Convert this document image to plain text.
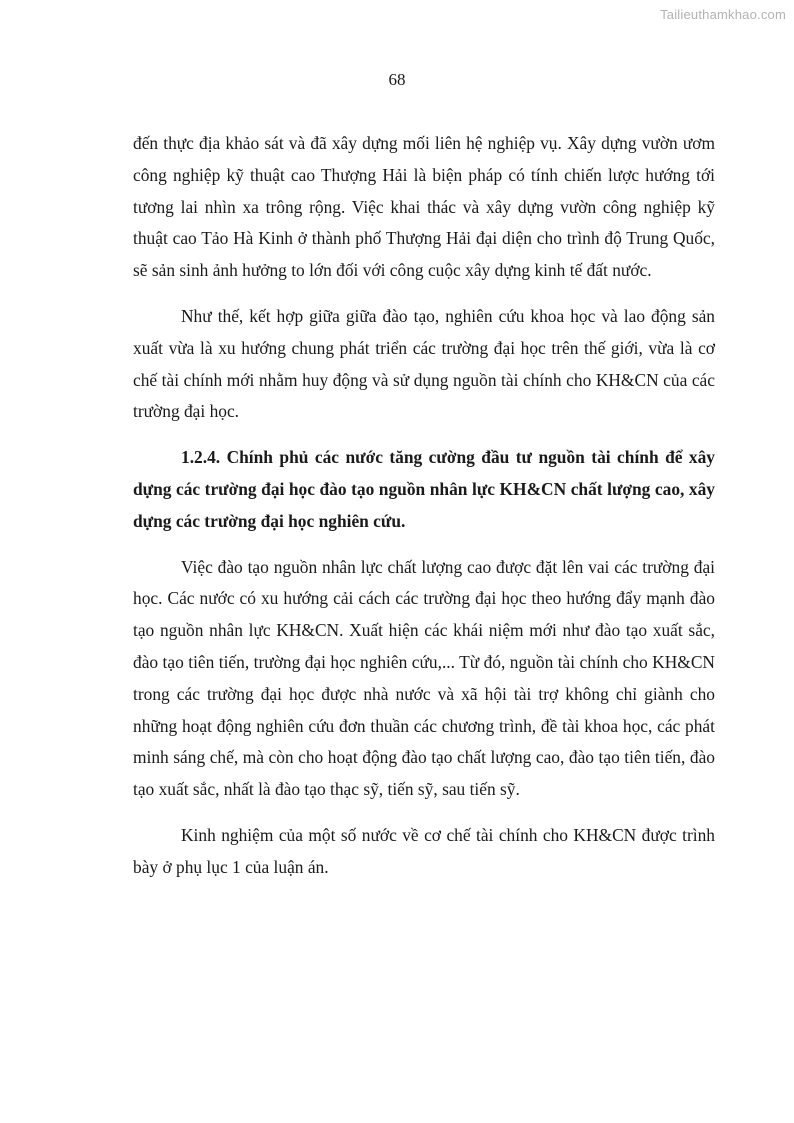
Tailieuthamkhao.com
68

đến thực địa khảo sát và đã xây dựng mối liên hệ nghiệp vụ. Xây dựng vườn ươm công nghiệp kỹ thuật cao Thượng Hải là biện pháp có tính chiến lược hướng tới tương lai nhìn xa trông rộng. Việc khai thác và xây dựng vườn công nghiệp kỹ thuật cao Tảo Hà Kinh ở thành phố Thượng Hải đại diện cho trình độ Trung Quốc, sẽ sản sinh ảnh hưởng to lớn đối với công cuộc xây dựng kinh tế đất nước.

Như thế, kết hợp giữa giữa đào tạo, nghiên cứu khoa học và lao động sản xuất vừa là xu hướng chung phát triển các trường đại học trên thế giới, vừa là cơ chế tài chính mới nhằm huy động và sử dụng nguồn tài chính cho KH&CN của các trường đại học.

1.2.4. Chính phủ các nước tăng cường đầu tư nguồn tài chính để xây dựng các trường đại học đào tạo nguồn nhân lực KH&CN chất lượng cao, xây dựng các trường đại học nghiên cứu.

Việc đào tạo nguồn nhân lực chất lượng cao được đặt lên vai các trường đại học. Các nước có xu hướng cải cách các trường đại học theo hướng đẩy mạnh đào tạo nguồn nhân lực KH&CN. Xuất hiện các khái niệm mới như đào tạo xuất sắc, đào tạo tiên tiến, trường đại học nghiên cứu,... Từ đó, nguồn tài chính cho KH&CN trong các trường đại học được nhà nước và xã hội tài trợ không chỉ giành cho những hoạt động nghiên cứu đơn thuần các chương trình, đề tài khoa học, các phát minh sáng chế, mà còn cho hoạt động đào tạo chất lượng cao, đào tạo tiên tiến, đào tạo xuất sắc, nhất là đào tạo thạc sỹ, tiến sỹ, sau tiến sỹ.

Kinh nghiệm của một số nước về cơ chế tài chính cho KH&CN được trình bày ở phụ lục 1 của luận án.
